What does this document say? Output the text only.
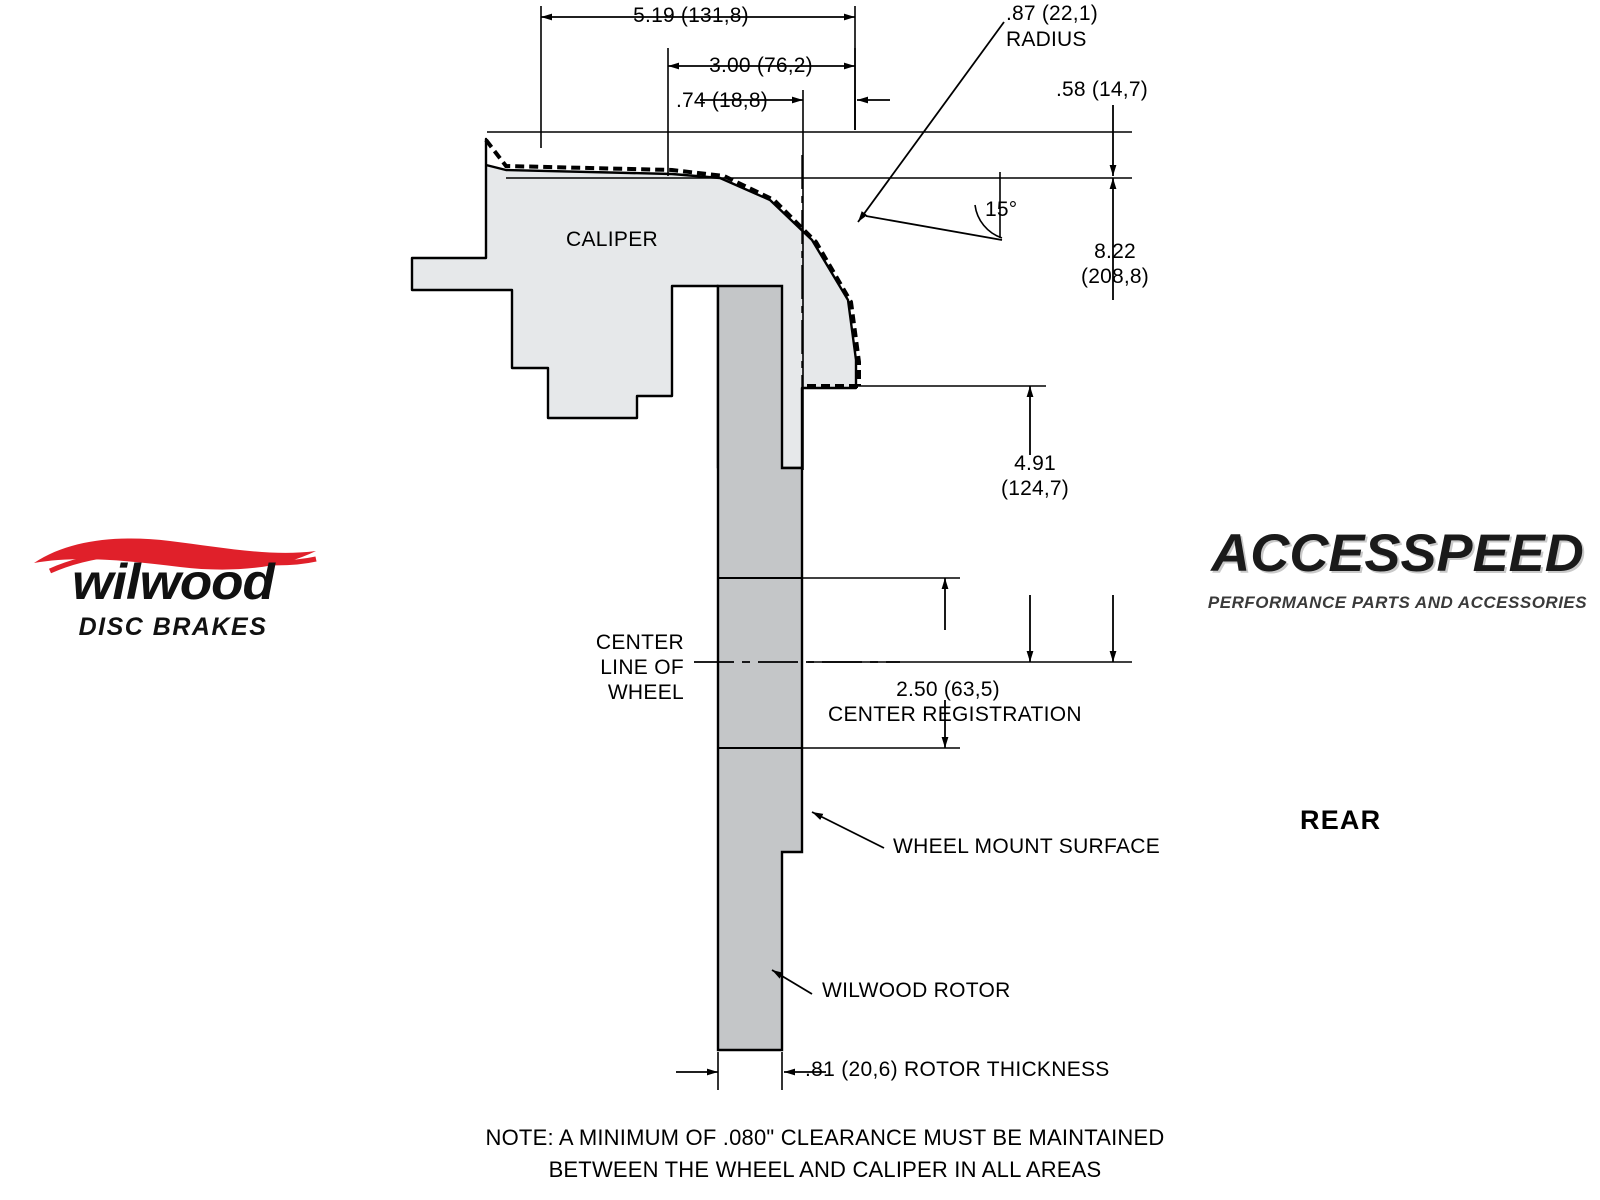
5.19 (131,8)
3.00 (76,2)
.74 (18,8)	.58 (14,7)
.87 (22,1)
RADIUS
15°
8.22
(208,8)
4.91
(124,7)
2.50 (63,5)
CENTER REGISTRATION
CALIPER
CENTER
LINE OF
WHEEL
WHEEL MOUNT SURFACE
WILWOOD ROTOR
.81 (20,6) ROTOR THICKNESS
NOTE: A MINIMUM OF .080" CLEARANCE MUST BE MAINTAINED
BETWEEN THE WHEEL AND CALIPER IN ALL AREAS
REAR
wilwood
DISC BRAKES
ACCESSPEED
PERFORMANCE PARTS AND ACCESSORIES
